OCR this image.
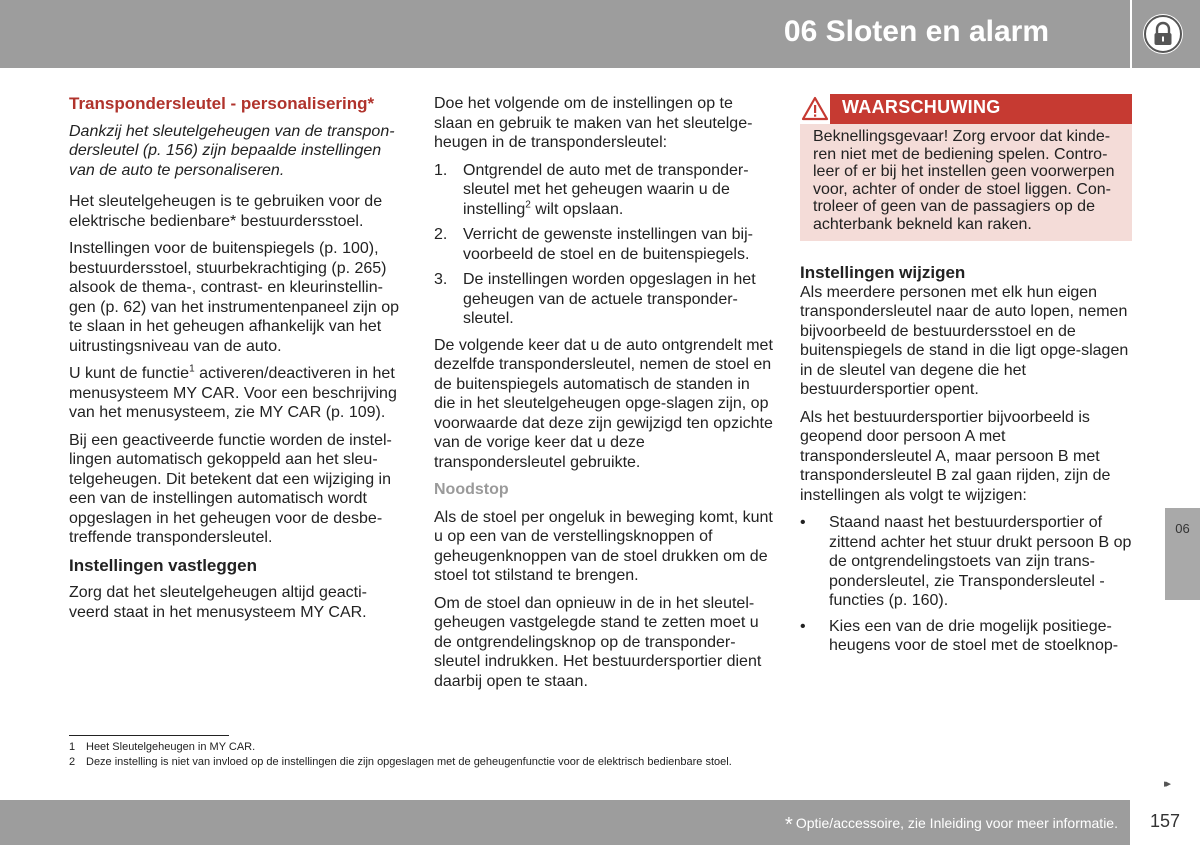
06 Sloten en alarm

Transpondersleutel - personalisering*

Dankzij het sleutelgeheugen van de transpon-dersleutel (p. 156) zijn bepaalde instellingen van de auto te personaliseren.

Het sleutelgeheugen is te gebruiken voor de elektrische bedienbare* bestuurdersstoel.

Instellingen voor de buitenspiegels (p. 100), bestuurdersstoel, stuurbekrachtiging (p. 265) alsook de thema-, contrast- en kleurinstellin-gen (p. 62) van het instrumentenpaneel zijn op te slaan in het geheugen afhankelijk van het uitrustingsniveau van de auto.

U kunt de functie$^1$ activeren/deactiveren in het menusysteem MY CAR. Voor een beschrijving van het menusysteem, zie MY CAR (p. 109).

Bij een geactiveerde functie worden de instel-lingen automatisch gekoppeld aan het sleu-telgeheugen. Dit betekent dat een wijziging in een van de instellingen automatisch wordt opgeslagen in het geheugen voor de desbe-treffende transpondersleutel.

Instellingen vastleggen

Zorg dat het sleutelgeheugen altijd geacti-veerd staat in het menusysteem MY CAR.

Doe het volgende om de instellingen op te slaan en gebruik te maken van het sleutelge-heugen in de transpondersleutel:

1. Ontgrendel de auto met de transponder-sleutel met het geheugen waarin u de instelling$^2$ wilt opslaan.
2. Verricht de gewenste instellingen van bij-voorbeeld de stoel en de buitenspiegels.
3. De instellingen worden opgeslagen in het geheugen van de actuele transponder-sleutel.

De volgende keer dat u de auto ontgrendelt met dezelfde transpondersleutel, nemen de stoel en de buitenspiegels automatisch de standen in die in het sleutelgeheugen opge-slagen zijn, op voorwaarde dat deze zijn gewijzigd ten opzichte van de vorige keer dat u deze transpondersleutel gebruikte.

Noodstop

Als de stoel per ongeluk in beweging komt, kunt u op een van de verstellingsknoppen of geheugenknoppen van de stoel drukken om de stoel tot stilstand te brengen.

Om de stoel dan opnieuw in de in het sleutel-geheugen vastgelegde stand te zetten moet u de ontgrendelingsknop op de transponder-sleutel indrukken. Het bestuurdersportier dient daarbij open te staan.

WAARSCHUWING
Beknellingsgevaar! Zorg ervoor dat kinde-ren niet met de bediening spelen. Contro-leer of er bij het instellen geen voorwerpen voor, achter of onder de stoel liggen. Con-troleer of geen van de passagiers op de achterbank bekneld kan raken.

Instellingen wijzigen

Als meerdere personen met elk hun eigen transpondersleutel naar de auto lopen, nemen bijvoorbeeld de bestuurdersstoel en de buitenspiegels de stand in die ligt opge-slagen in de sleutel van degene die het bestuurdersportier opent.

Als het bestuurdersportier bijvoorbeeld is geopend door persoon A met transpondersleutel A, maar persoon B met transpondersleutel B zal gaan rijden, zijn de instellingen als volgt te wijzigen:

• Staand naast het bestuurdersportier of zittend achter het stuur drukt persoon B op de ontgrendelingstoets van zijn trans-pondersleutel, zie Transpondersleutel - functies (p. 160).
• Kies een van de drie mogelijk positiege-heugens voor de stoel met de stoelknop-
06
1 Heet Sleutelgeheugen in MY CAR.
2 Deze instelling is niet van invloed op de instellingen die zijn opgeslagen met de geheugenfunctie voor de elektrisch bedienbare stoel.
▸▸
* Optie/accessoire, zie Inleiding voor meer informatie.	157
